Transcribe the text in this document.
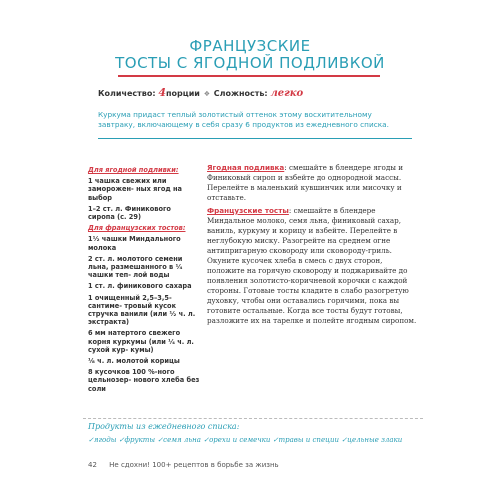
ФРАНЦУЗСКИЕ
ТОСТЫ С ЯГОДНОЙ ПОДЛИВКОЙ
Количество: 4порции ❖ Сложность: легко
Куркума придаст теплый золотистый оттенок этому восхитительному завтраку, включающему в себя сразу 6 продуктов из ежедневного списка.
Для ягодной подливки:
1 чашка свежих или заморожен- ных ягод на выбор
1–2 ст. л. Финикового сиропа (с. 29)
Для французских тостов:
1¹⁄₂ чашки Миндального молока
2 ст. л. молотого семени льна, размешанного в ¹⁄₄ чашки теп- лой воды
1 ст. л. финикового сахара
1 очищенный 2,5–3,5-сантиме- тровый кусок стручка ванили (или ¹⁄₂ ч. л. экстракта)
6 мм натертого свежего корня куркумы (или ¹⁄₄ ч. л. сухой кур- кумы)
¹⁄₈ ч. л. молотой корицы
8 кусочков 100 %-ного цельнозер- нового хлеба без соли

Ягодная подливка: смешайте в блендере ягоды и Финиковый сироп и взбейте до однородной массы. Перелейте в маленький кувшинчик или мисочку и отставьте.

Французские тосты: смешайте в блендере Миндальное молоко, семя льна, финиковый сахар, ваниль, куркуму и корицу и взбейте. Перелейте в неглубокую миску. Разогрейте на среднем огне антипригарную сковороду или сковороду-гриль. Окуните кусочек хлеба в смесь с двух сторон, положите на горячую сковороду и поджаривайте до появления золотисто-коричневой корочки с каждой стороны. Готовые тосты кладите в слабо разогретую духовку, чтобы они оставались горячими, пока вы готовите остальные. Когда все тосты будут готовы, разложите их на тарелке и полейте ягодным сиропом.

Продукты из ежедневного списка:
✓ягоды ✓фрукты ✓семя льна ✓орехи и семечки ✓травы и специи ✓цельные злаки
42 Не сдохни! 100+ рецептов в борьбе за жизнь
